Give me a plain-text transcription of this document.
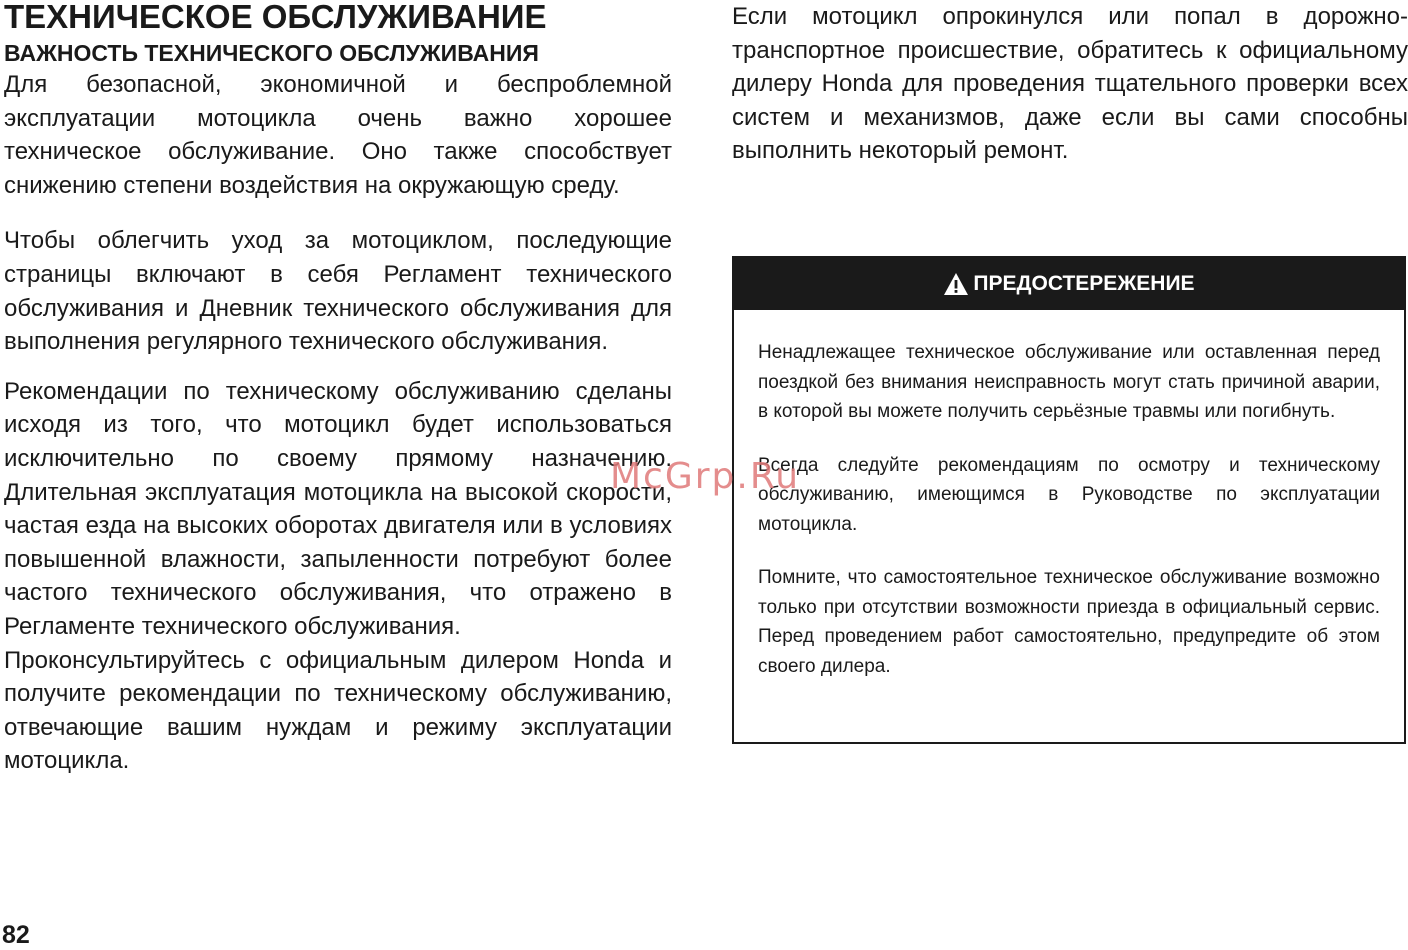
ТЕХНИЧЕСКОЕ ОБСЛУЖИВАНИЕ
ВАЖНОСТЬ ТЕХНИЧЕСКОГО ОБСЛУЖИВАНИЯ

Для безопасной, экономичной и беспроблемной эксплуатации мотоцикла очень важно хорошее техническое обслуживание. Оно также способствует снижению степени воздействия на окружающую среду.

Чтобы облегчить уход за мотоциклом, последующие страницы включают в себя Регламент технического обслуживания и Дневник технического обслуживания для выполнения регулярного технического обслуживания.

Рекомендации по техническому обслуживанию сделаны исходя из того, что мотоцикл будет использоваться исключительно по своему прямому назначению. Длительная эксплуатация мотоцикла на высокой скорости, частая езда на высоких оборотах двигателя или в условиях повышенной влажности, запыленности потребуют более частого технического обслуживания, что отражено в Регламенте технического обслуживания.

Проконсультируйтесь с официальным дилером Honda и получите рекомендации по техническому обслуживанию, отвечающие вашим нуждам и режиму эксплуатации мотоцикла.

Если мотоцикл опрокинулся или попал в дорожнотранспортное происшествие, обратитесь к официальному дилеру Honda для проведения тщательного проверки всех систем и механизмов, даже если вы сами способны выполнить некоторый ремонт.

ПРЕДОСТЕРЕЖЕНИЕ

Ненадлежащее техническое обслуживание или оставленная перед поездкой без внимания неисправность могут стать причиной аварии, в которой вы можете получить серьёзные травмы или погибнуть.

Всегда следуйте рекомендациям по осмотру и техническому обслуживанию, имеющимся в Руководстве по эксплуатации мотоцикла.

Помните, что самостоятельное техническое обслуживание возможно только при отсутствии возможности приезда в официальный сервис. Перед проведением работ самостоятельно, предупредите об этом своего дилера.

McGrp.Ru
82
